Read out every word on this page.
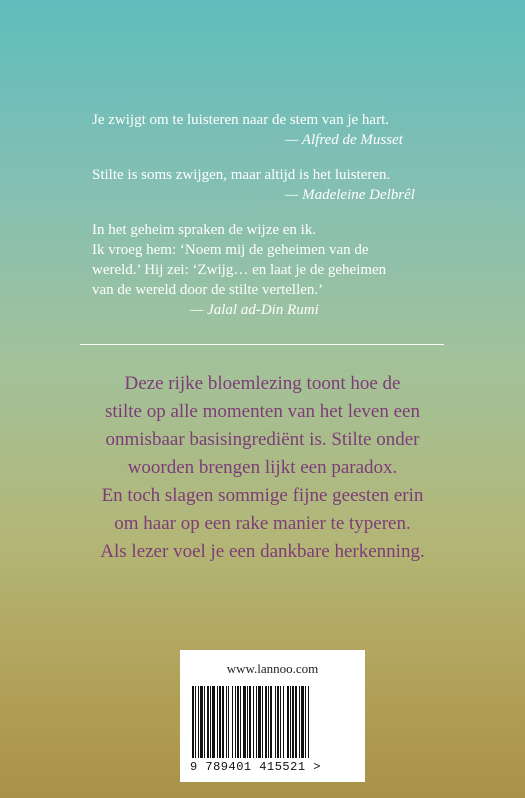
Je zwijgt om te luisteren naar de stem van je hart.
— Alfred de Musset
Stilte is soms zwijgen, maar altijd is het luisteren.
— Madeleine Delbrêl
In het geheim spraken de wijze en ik.
Ik vroeg hem: ‘Noem mij de geheimen van de
wereld.’ Hij zei: ‘Zwijg… en laat je de geheimen
van de wereld door de stilte vertellen.’
— Jalal ad-Din Rumi
Deze rijke bloemlezing toont hoe de
stilte op alle momenten van het leven een
onmisbaar basisingrediënt is. Stilte onder
woorden brengen lijkt een paradox.
En toch slagen sommige fijne geesten erin
om haar op een rake manier te typeren.
Als lezer voel je een dankbare herkenning.
www.lannoo.com
9 789401 415521 >
